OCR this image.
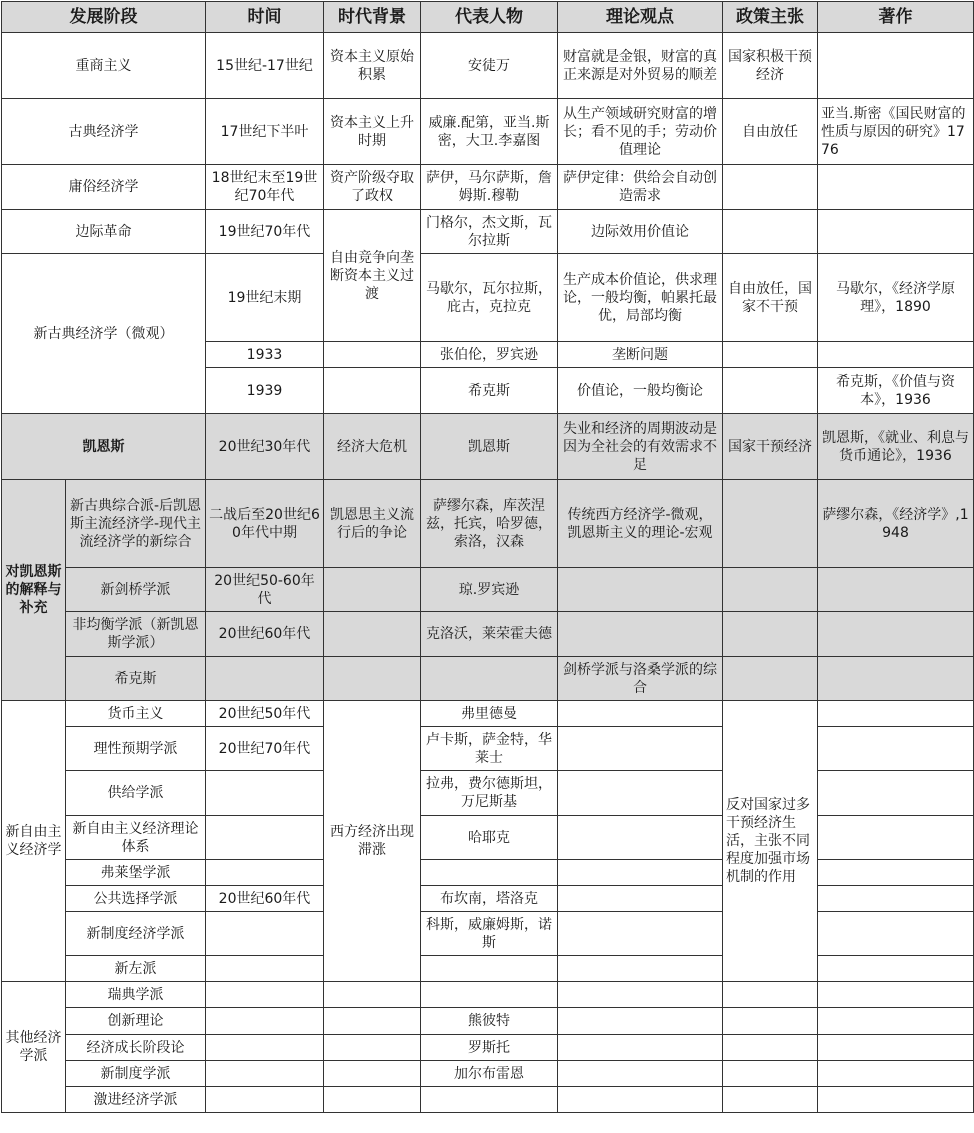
发展阶段		时间	时代背景	代表人物	理论观点	政策主张	著作
重商主义		15世纪-17世纪	资本主义原始积累	安徒万	财富就是金银，财富的真正来源是对外贸易的顺差	国家积极干预经济	
古典经济学		17世纪下半叶	资本主义上升时期	威廉.配第，亚当.斯密，大卫.李嘉图	从生产领域研究财富的增长；看不见的手；劳动价值理论	自由放任	亚当.斯密《国民财富的性质与原因的研究》1776
庸俗经济学		18世纪末至19世纪70年代	资产阶级夺取了政权	萨伊，马尔萨斯，詹姆斯.穆勒	萨伊定律：供给会自动创造需求		
边际革命		19世纪70年代	自由竞争向垄断资本主义过渡	门格尔，杰文斯，瓦尔拉斯	边际效用价值论		
新古典经济学（微观）		19世纪末期		马歇尔，瓦尔拉斯，庇古，克拉克	生产成本价值论，供求理论，一般均衡，帕累托最优，局部均衡	自由放任，国家不干预	马歇尔，《经济学原理》，1890
		1933		张伯伦，罗宾逊	垄断问题		
		1939		希克斯	价值论，一般均衡论		希克斯，《价值与资本》，1936
凯恩斯		20世纪30年代	经济大危机	凯恩斯	失业和经济的周期波动是因为全社会的有效需求不足	国家干预经济	凯恩斯，《就业、利息与货币通论》，1936
对凯恩斯的解释与补充	新古典综合派-后凯恩斯主流经济学-现代主流经济学的新综合	二战后至20世纪60年代中期	凯恩思主义流行后的争论	萨缪尔森，库茨涅兹，托宾，哈罗德，索洛，汉森	传统西方经济学-微观，凯恩斯主义的理论-宏观		萨缪尔森，《经济学》,1948
	新剑桥学派	20世纪50-60年代		琼.罗宾逊			
	非均衡学派（新凯恩斯学派）	20世纪60年代		克洛沃，莱荣霍夫德			
	希克斯				剑桥学派与洛桑学派的综合		
新自由主义经济学	货币主义	20世纪50年代	西方经济出现滞涨	弗里德曼		反对国家过多干预经济生活，主张不同程度加强市场机制的作用	
	理性预期学派	20世纪70年代		卢卡斯，萨金特，华莱士			
	供给学派			拉弗，费尔德斯坦，万尼斯基			
	新自由主义经济理论体系			哈耶克			
	弗莱堡学派						
	公共选择学派	20世纪60年代		布坎南，塔洛克			
	新制度经济学派			科斯，威廉姆斯，诺斯			
	新左派						
其他经济学派	瑞典学派						
	创新理论			熊彼特			
	经济成长阶段论			罗斯托			
	新制度学派			加尔布雷恩			
	激进经济学派						
